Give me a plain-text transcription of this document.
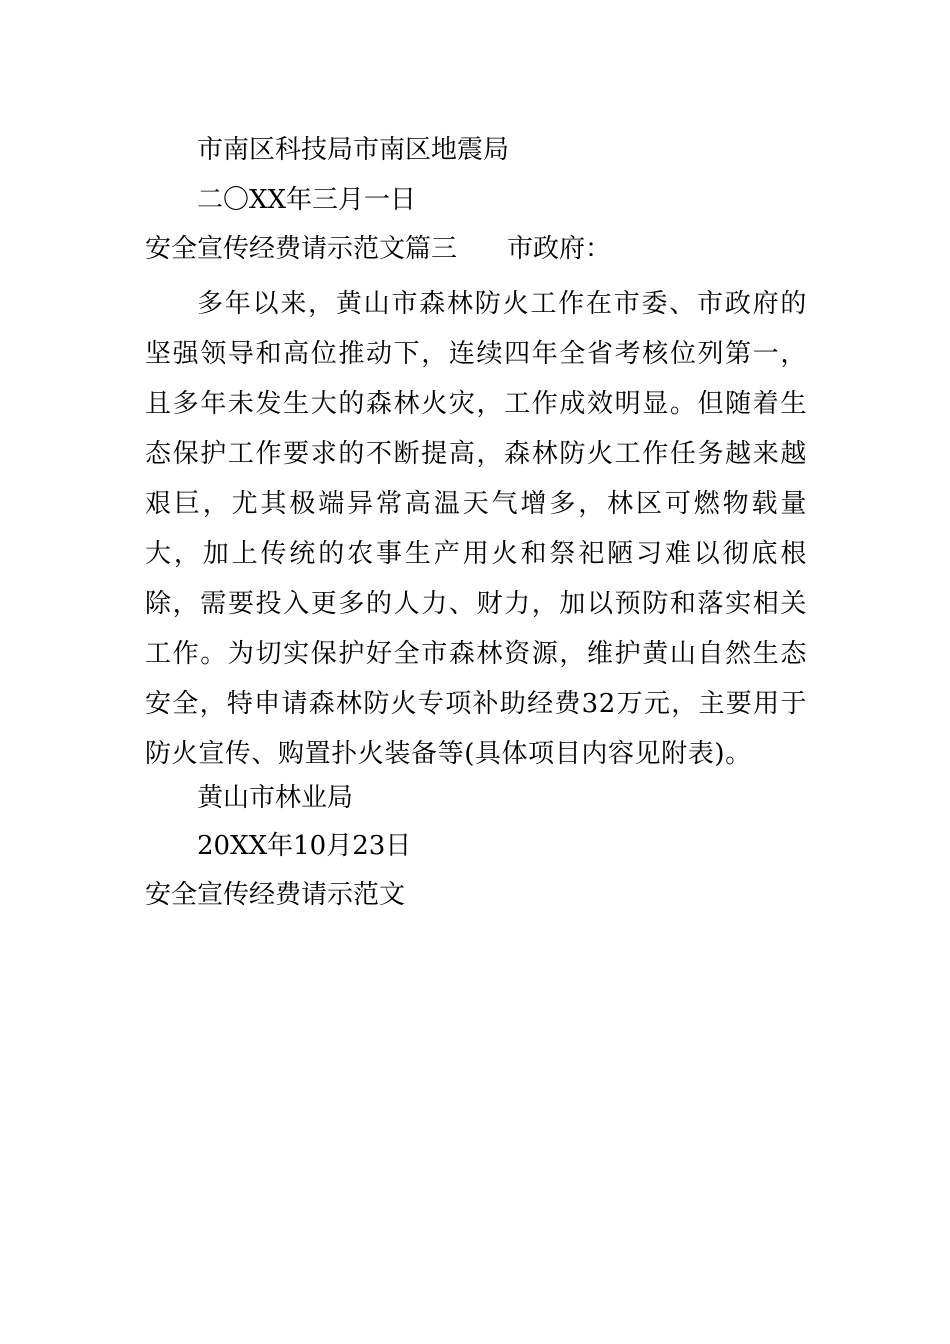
市南区科技局市南区地震局
二〇XX年三月一日
安全宣传经费请示范文篇三 市政府：
多年以来，黄山市森林防火工作在市委、市政府的坚强领导和高位推动下，连续四年全省考核位列第一，且多年未发生大的森林火灾，工作成效明显。但随着生态保护工作要求的不断提高，森林防火工作任务越来越艰巨，尤其极端异常高温天气增多，林区可燃物载量大，加上传统的农事生产用火和祭祀陋习难以彻底根除，需要投入更多的人力、财力，加以预防和落实相关工作。为切实保护好全市森林资源，维护黄山自然生态安全，特申请森林防火专项补助经费32万元，主要用于防火宣传、购置扑火装备等(具体项目内容见附表)。
黄山市林业局
20XX年10月23日
安全宣传经费请示范文
